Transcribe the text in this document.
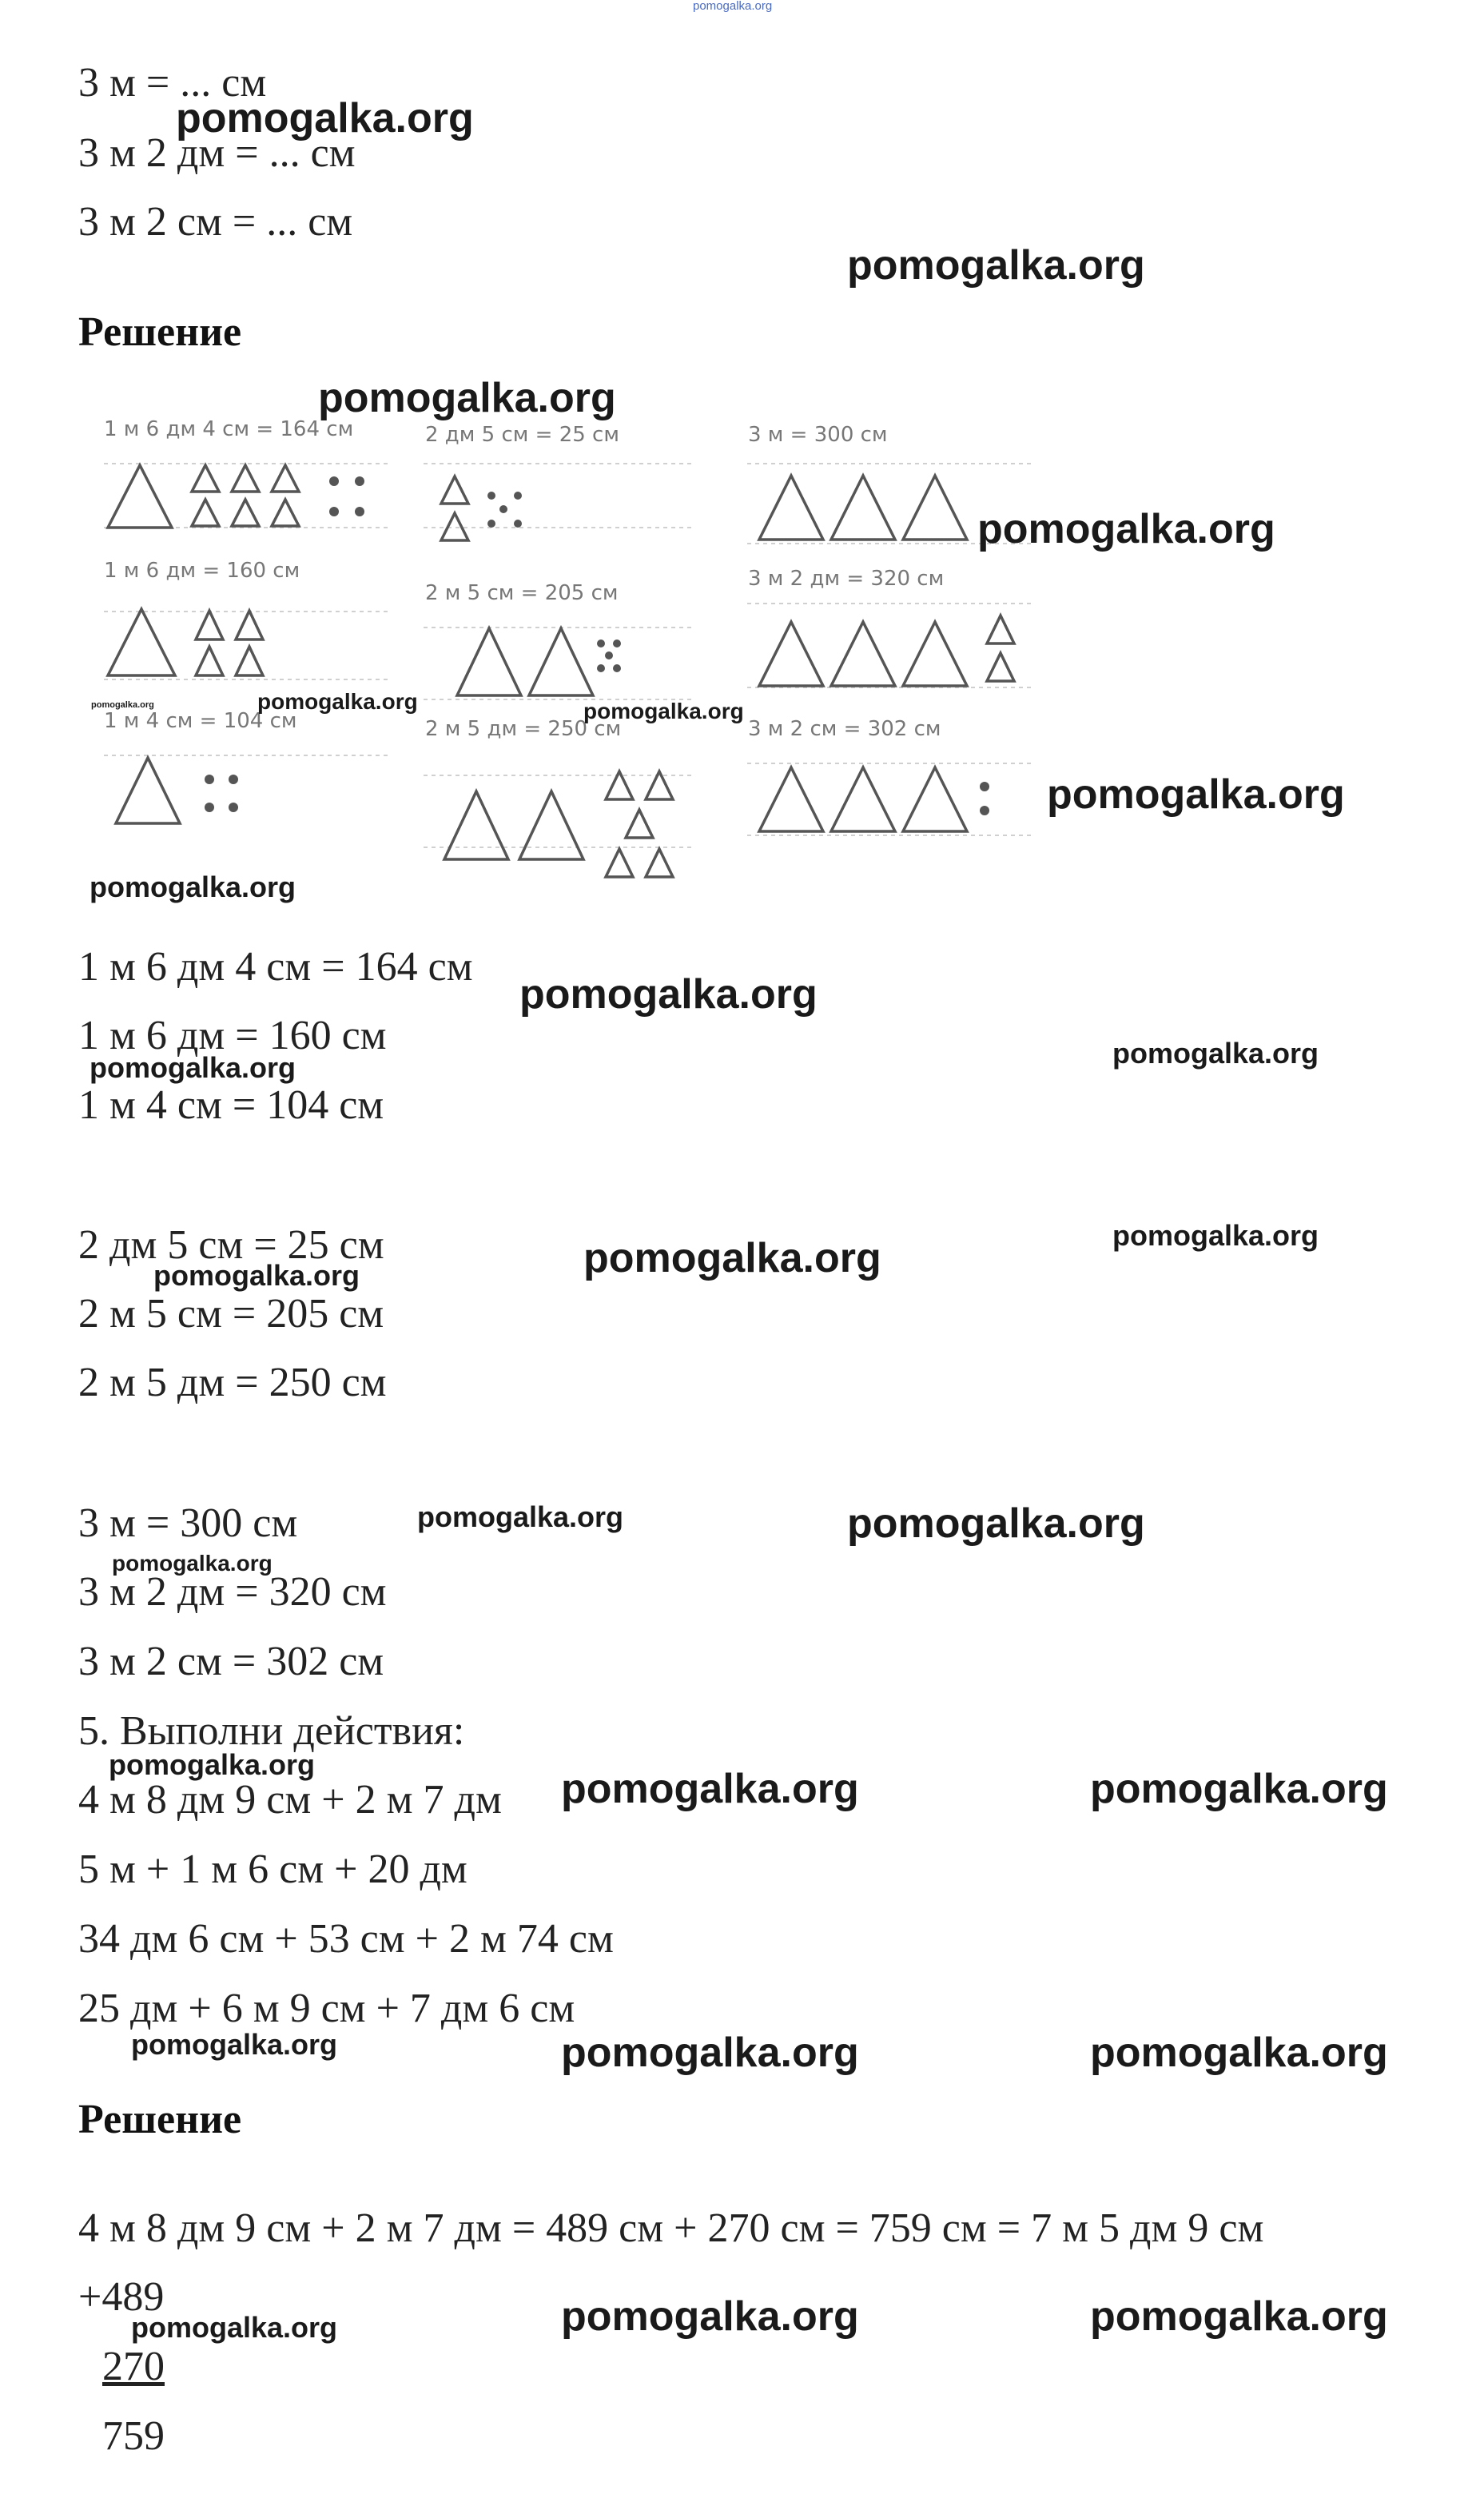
pomogalka.org
3 м = ... см
3 м 2 дм = ... см
3 м 2 см = ... см
Решение
1 м 6 дм 4 см = 164 см	2 дм 5 см = 25 см	3 м = 300 см
1 м 6 дм = 160 см
2 м 5 см = 205 см
3 м 2 дм = 320 см
1 м 4 см = 104 см	2 м 5 дм = 250 см	3 м 2 см = 302 см
1 м 6 дм 4 см = 164 см
1 м 6 дм = 160 см
1 м 4 см = 104 см
2 дм 5 см = 25 см
2 м 5 см = 205 см
2 м 5 дм = 250 см
3 м = 300 см
3 м 2 дм = 320 см
3 м 2 см = 302 см
5. Выполни действия:
4 м 8 дм 9 см + 2 м 7 дм
5 м + 1 м 6 см + 20 дм
34 дм 6 см + 53 см + 2 м 74 см
25 дм + 6 м 9 см + 7 дм 6 см
Решение
4 м 8 дм 9 см + 2 м 7 дм = 489 см + 270 см = 759 см = 7 м 5 дм 9 см
+489
270
759
pomogalka.org
pomogalka.org
pomogalka.org
pomogalka.org
pomogalka.org	pomogalka.org
pomogalka.org
pomogalka.org
pomogalka.org
pomogalka.org
pomogalka.org
pomogalka.org
pomogalka.org
pomogalka.org
pomogalka.org
pomogalka.org	pomogalka.org
pomogalka.org
pomogalka.org
pomogalka.org	pomogalka.org
pomogalka.org	pomogalka.org	pomogalka.org
pomogalka.org	pomogalka.org
pomogalka.org
